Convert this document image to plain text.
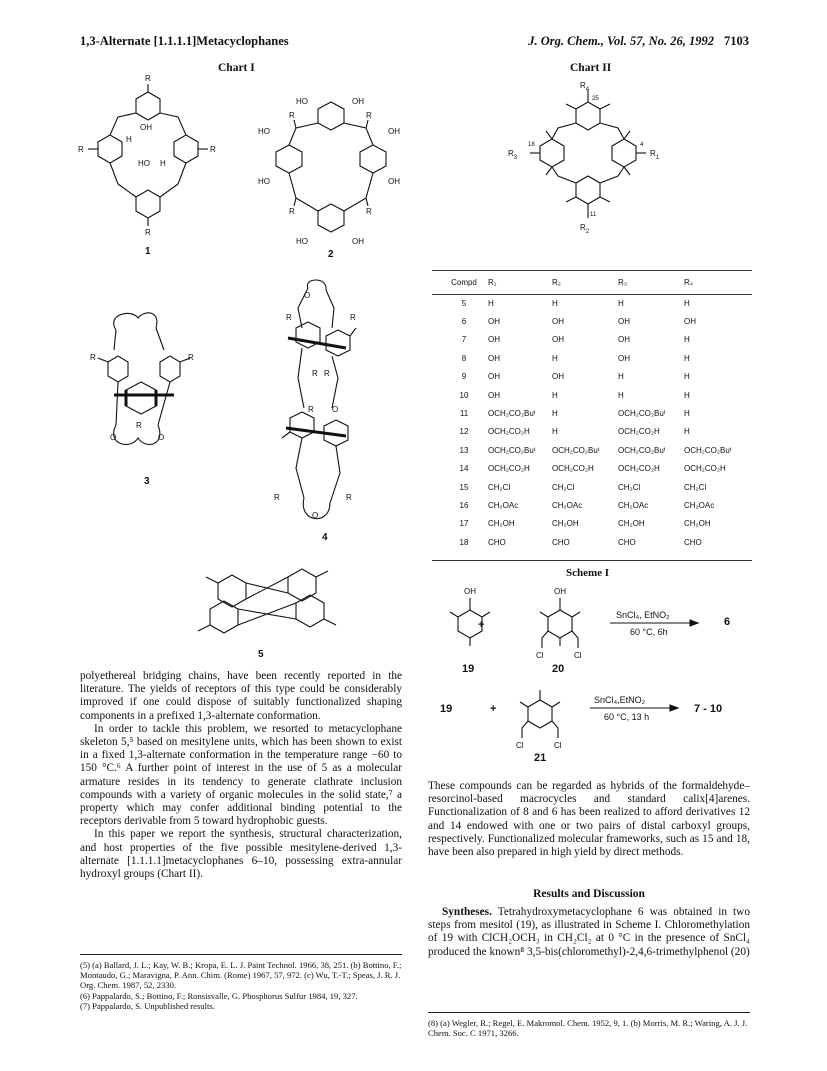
1,3-Alternate [1.1.1.1]Metacyclophanes	J. Org. Chem., Vol. 57, No. 26, 1992 7103
Chart I
R
R	R
R
OH
H
HO H
1
HO	OH
HO	OH
R	R
HO	OH
R	R
HO	OH
2
R	R
O
R
O
3
O
R	R
R R
R O
R	R
O
4
5
Chart II
$R_4$
25
$R_3$
18	4
$R_1$
11
$R_2$
Compd	R₁	R₂	R₃	R₄
5	H	H	H	H
6	OH	OH	OH	OH
7	OH	OH	OH	H
8	OH	H	OH	H
9	OH	OH	H	H
10	OH	H	H	H
11	OCH₂CO₂Buᵗ	H	OCH₂CO₂Buᵗ	H
12	OCH₂CO₂H	H	OCH₂CO₂H	H
13	OCH₂CO₂Buᵗ	OCH₂CO₂Buᵗ	OCH₂CO₂Buᵗ	OCH₂CO₂Buᵗ
14	OCH₂CO₂H	OCH₂CO₂H	OCH₂CO₂H	OCH₂CO₂H
15	CH₂Cl	CH₂Cl	CH₂Cl	CH₂Cl
16	CH₂OAc	CH₂OAc	CH₂OAc	CH₂OAc
17	CH₂OH	CH₂OH	CH₂OH	CH₂OH
18	CHO	CHO	CHO	CHO
Scheme I
OH	OH
Cl	Cl
Cl	Cl
+
SnCl₄, EtNO₂
60 °C, 6h
6
19	20
19	+
SnCl₄,EtNO₂
60 °C, 13 h
7 - 10
21

polyethereal bridging chains, have been recently reported in the literature. The yields of receptors of this type could be considerably improved if one could dispose of suitably functionalized shaping components in a prefixed 1,3-alternate conformation.

In order to tackle this problem, we resorted to metacyclophane skeleton 5,⁵ based on mesitylene units, which has been shown to exist in a fixed 1,3-alternate conformation in the temperature range −60 to 150 °C.⁶ A further point of interest in the use of 5 as a molecular armature resides in its tendency to generate clathrate inclusion compounds with a variety of organic molecules in the solid state,⁷ a property which may confer additional binding potential to the receptors derivable from 5 toward hydrophobic guests.

In this paper we report the synthesis, structural characterization, and host properties of the five possible mesitylene-derived 1,3-alternate [1.1.1.1]metacyclophanes 6–10, possessing extra-annular hydroxyl groups (Chart II).

These compounds can be regarded as hybrids of the formaldehyde–resorcinol-based macrocycles and standard calix[4]arenes. Functionalization of 8 and 6 has been realized to afford derivatives 12 and 14 endowed with one or two pairs of distal carboxyl groups, respectively. Functionalized molecular frameworks, such as 15 and 18, have been also prepared in high yield by direct methods.

Results and Discussion

Syntheses. Tetrahydroxymetacyclophane 6 was obtained in two steps from mesitol (19), as illustrated in Scheme I. Chloromethylation of 19 with ClCH₂OCH₃ in CH₂Cl₂ at 0 °C in the presence of SnCl₄ produced the known⁸ 3,5-bis(chloromethyl)-2,4,6-trimethylphenol (20)

(5) (a) Ballard, J. L.; Kay, W. B.; Kropa, E. L. J. Paint Technol. 1966, 38, 251. (b) Bottino, F.; Montaudo, G.; Maravigna, P. Ann. Chim. (Rome) 1967, 57, 972. (c) Wu, T.-T.; Speas, J. R. J. Org. Chem. 1987, 52, 2330.
(6) Pappalardo, S.; Bottino, F.; Ronsisvalle, G. Phosphorus Sulfur 1984, 19, 327.
(7) Pappalardo, S. Unpublished results.
(8) (a) Wegler, R.; Regel, E. Makromol. Chem. 1952, 9, 1. (b) Morris, M. R.; Waring, A. J. J. Chem. Soc. C 1971, 3266.
